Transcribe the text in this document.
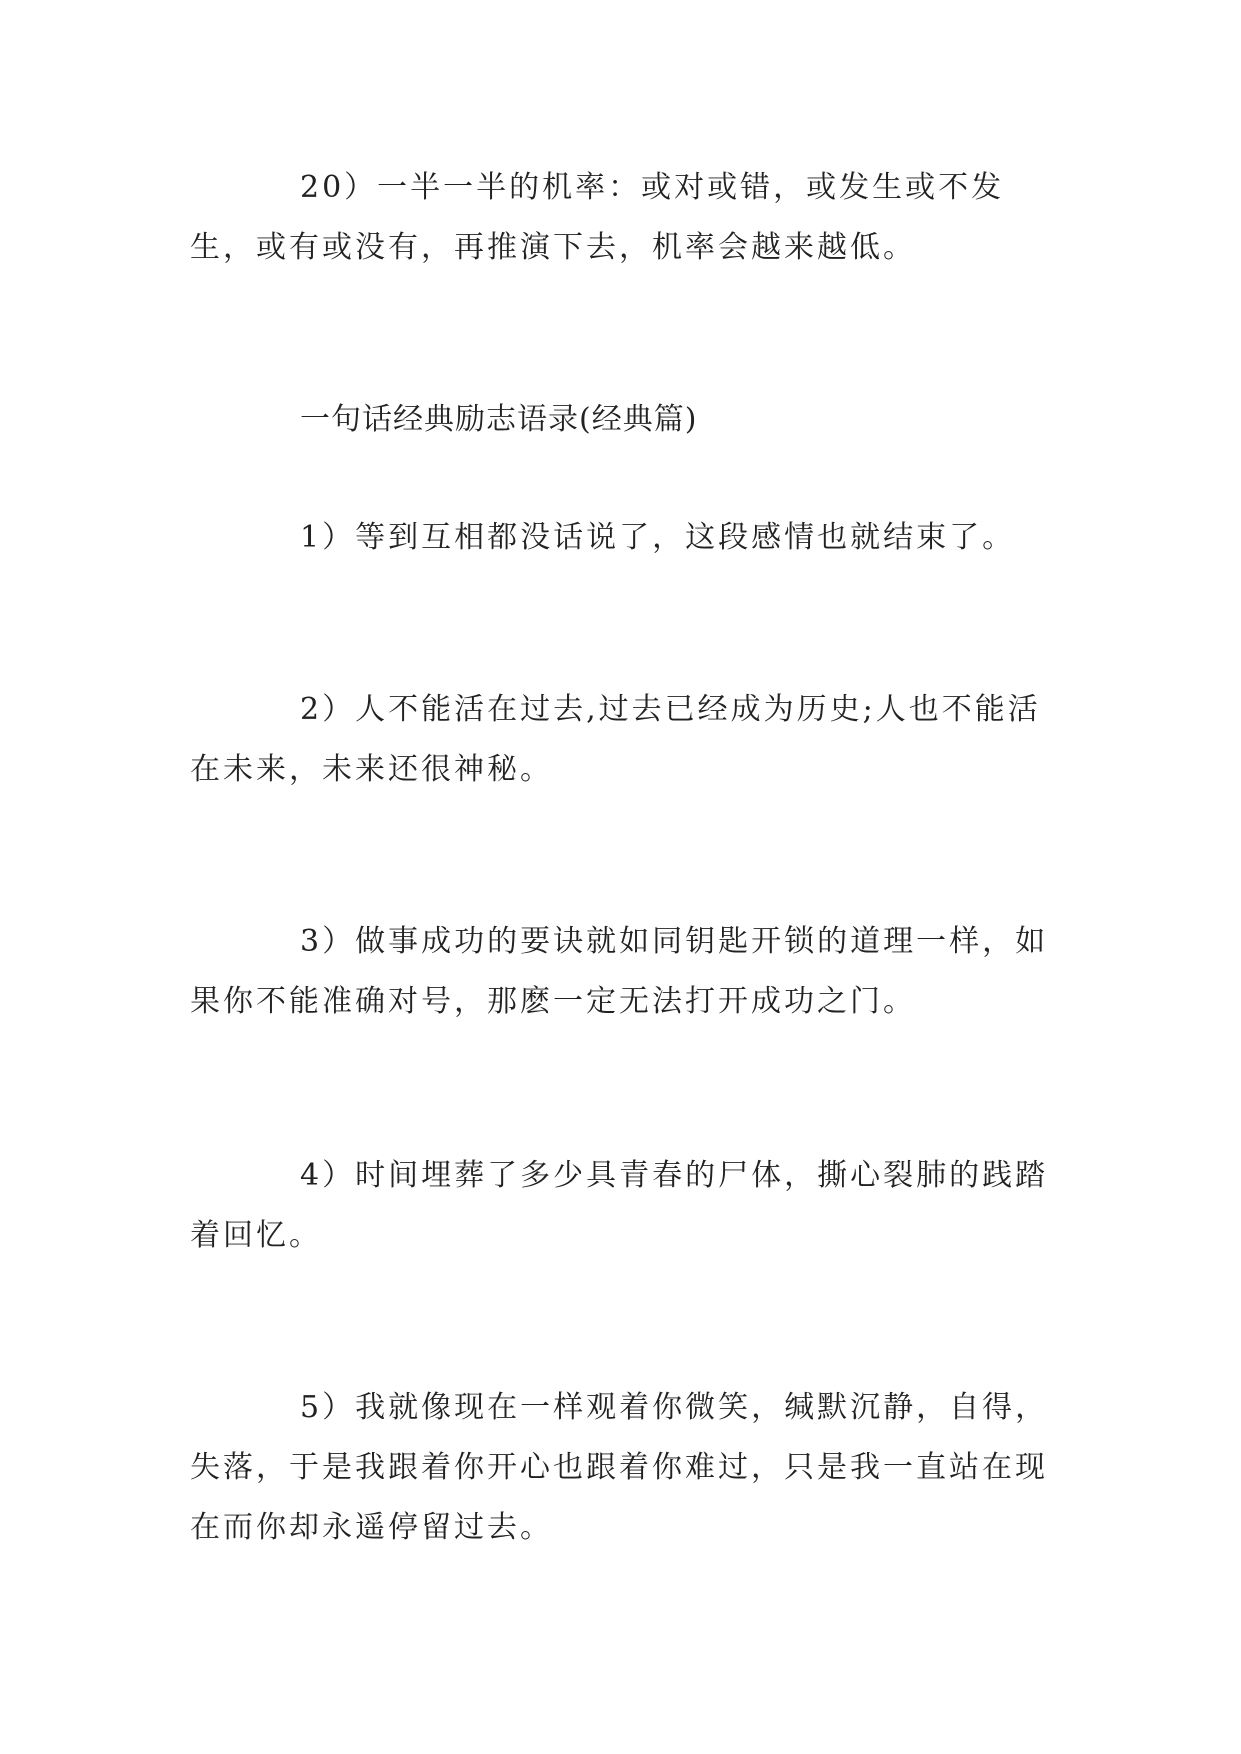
20）一半一半的机率：或对或错，或发生或不发生，或有或没有，再推演下去，机率会越来越低。

一句话经典励志语录(经典篇)

1）等到互相都没话说了，这段感情也就结束了。

2）人不能活在过去,过去已经成为历史;人也不能活在未来，未来还很神秘。

3）做事成功的要诀就如同钥匙开锁的道理一样，如果你不能准确对号，那麽一定无法打开成功之门。

4）时间埋葬了多少具青春的尸体，撕心裂肺的践踏着回忆。

5）我就像现在一样观着你微笑，缄默沉静，自得，失落，于是我跟着你开心也跟着你难过，只是我一直站在现在而你却永遥停留过去。
